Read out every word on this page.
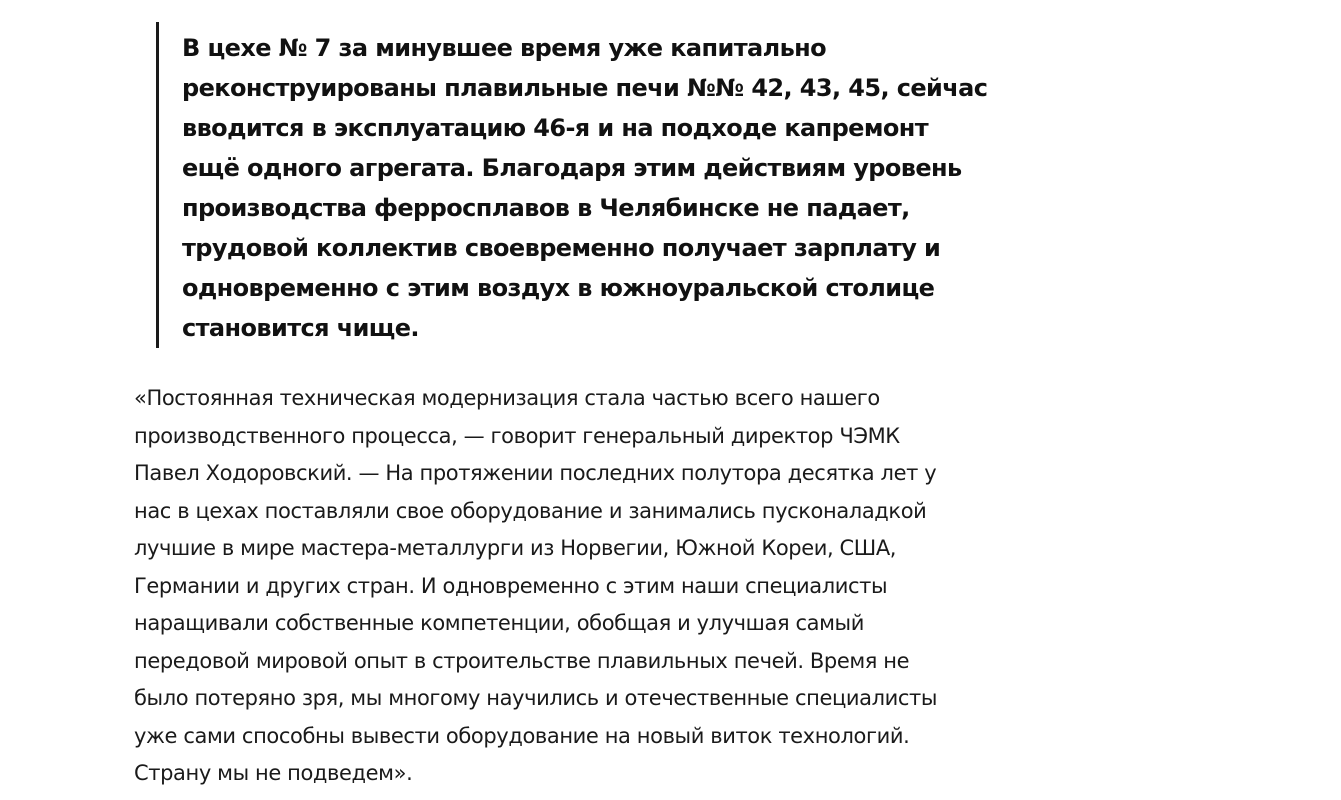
В цехе № 7 за минувшее время уже капитально
реконструированы плавильные печи №№ 42, 43, 45, сейчас
вводится в эксплуатацию 46-я и на подходе капремонт
ещё одного агрегата. Благодаря этим действиям уровень
производства ферросплавов в Челябинске не падает,
трудовой коллектив своевременно получает зарплату и
одновременно с этим воздух в южноуральской столице
становится чище.

«Постоянная техническая модернизация стала частью всего нашего
производственного процесса, — говорит генеральный директор ЧЭМК
Павел Ходоровский. — На протяжении последних полутора десятка лет у
нас в цехах поставляли свое оборудование и занимались пусконаладкой
лучшие в мире мастера-металлурги из Норвегии, Южной Кореи, США,
Германии и других стран. И одновременно с этим наши специалисты
наращивали собственные компетенции, обобщая и улучшая самый
передовой мировой опыт в строительстве плавильных печей. Время не
было потеряно зря, мы многому научились и отечественные специалисты
уже сами способны вывести оборудование на новый виток технологий.
Страну мы не подведем».
